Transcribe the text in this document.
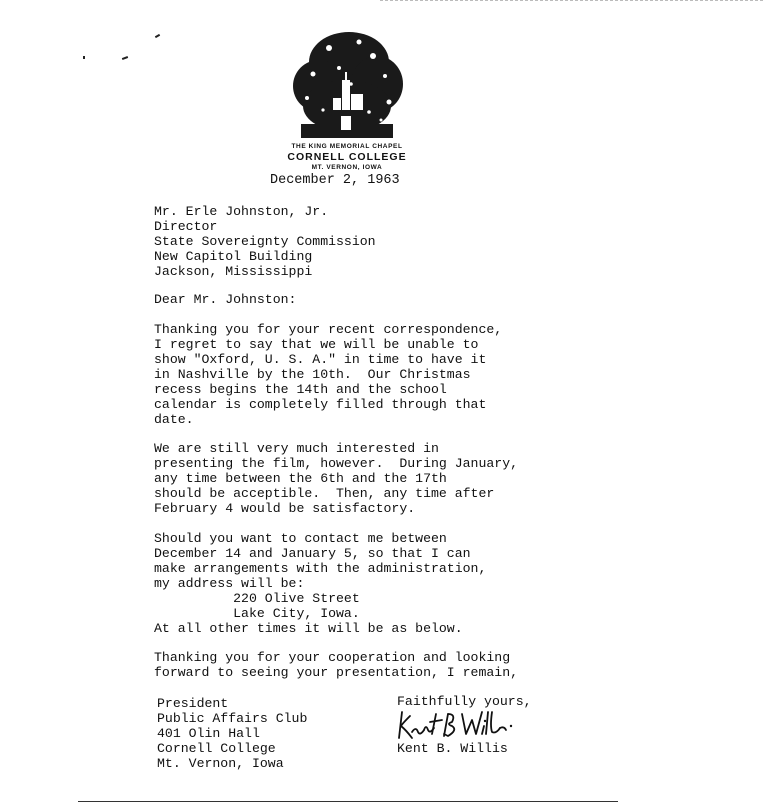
THE KING MEMORIAL CHAPEL
CORNELL COLLEGE
MT. VERNON, IOWA
December 2, 1963
Mr. Erle Johnston, Jr.
Director
State Sovereignty Commission
New Capitol Building
Jackson, Mississippi
Dear Mr. Johnston:
Thanking you for your recent correspondence,
I regret to say that we will be unable to
show "Oxford, U. S. A." in time to have it
in Nashville by the 10th.  Our Christmas
recess begins the 14th and the school
calendar is completely filled through that
date.
We are still very much interested in
presenting the film, however.  During January,
any time between the 6th and the 17th
should be acceptible.  Then, any time after
February 4 would be satisfactory.
Should you want to contact me between
December 14 and January 5, so that I can
make arrangements with the administration,
my address will be:
220 Olive Street
Lake City, Iowa.
At all other times it will be as below.
Thanking you for your cooperation and looking
forward to seeing your presentation, I remain,
President
Public Affairs Club
401 Olin Hall
Cornell College
Mt. Vernon, Iowa
Faithfully yours,
Kent B. Willis
